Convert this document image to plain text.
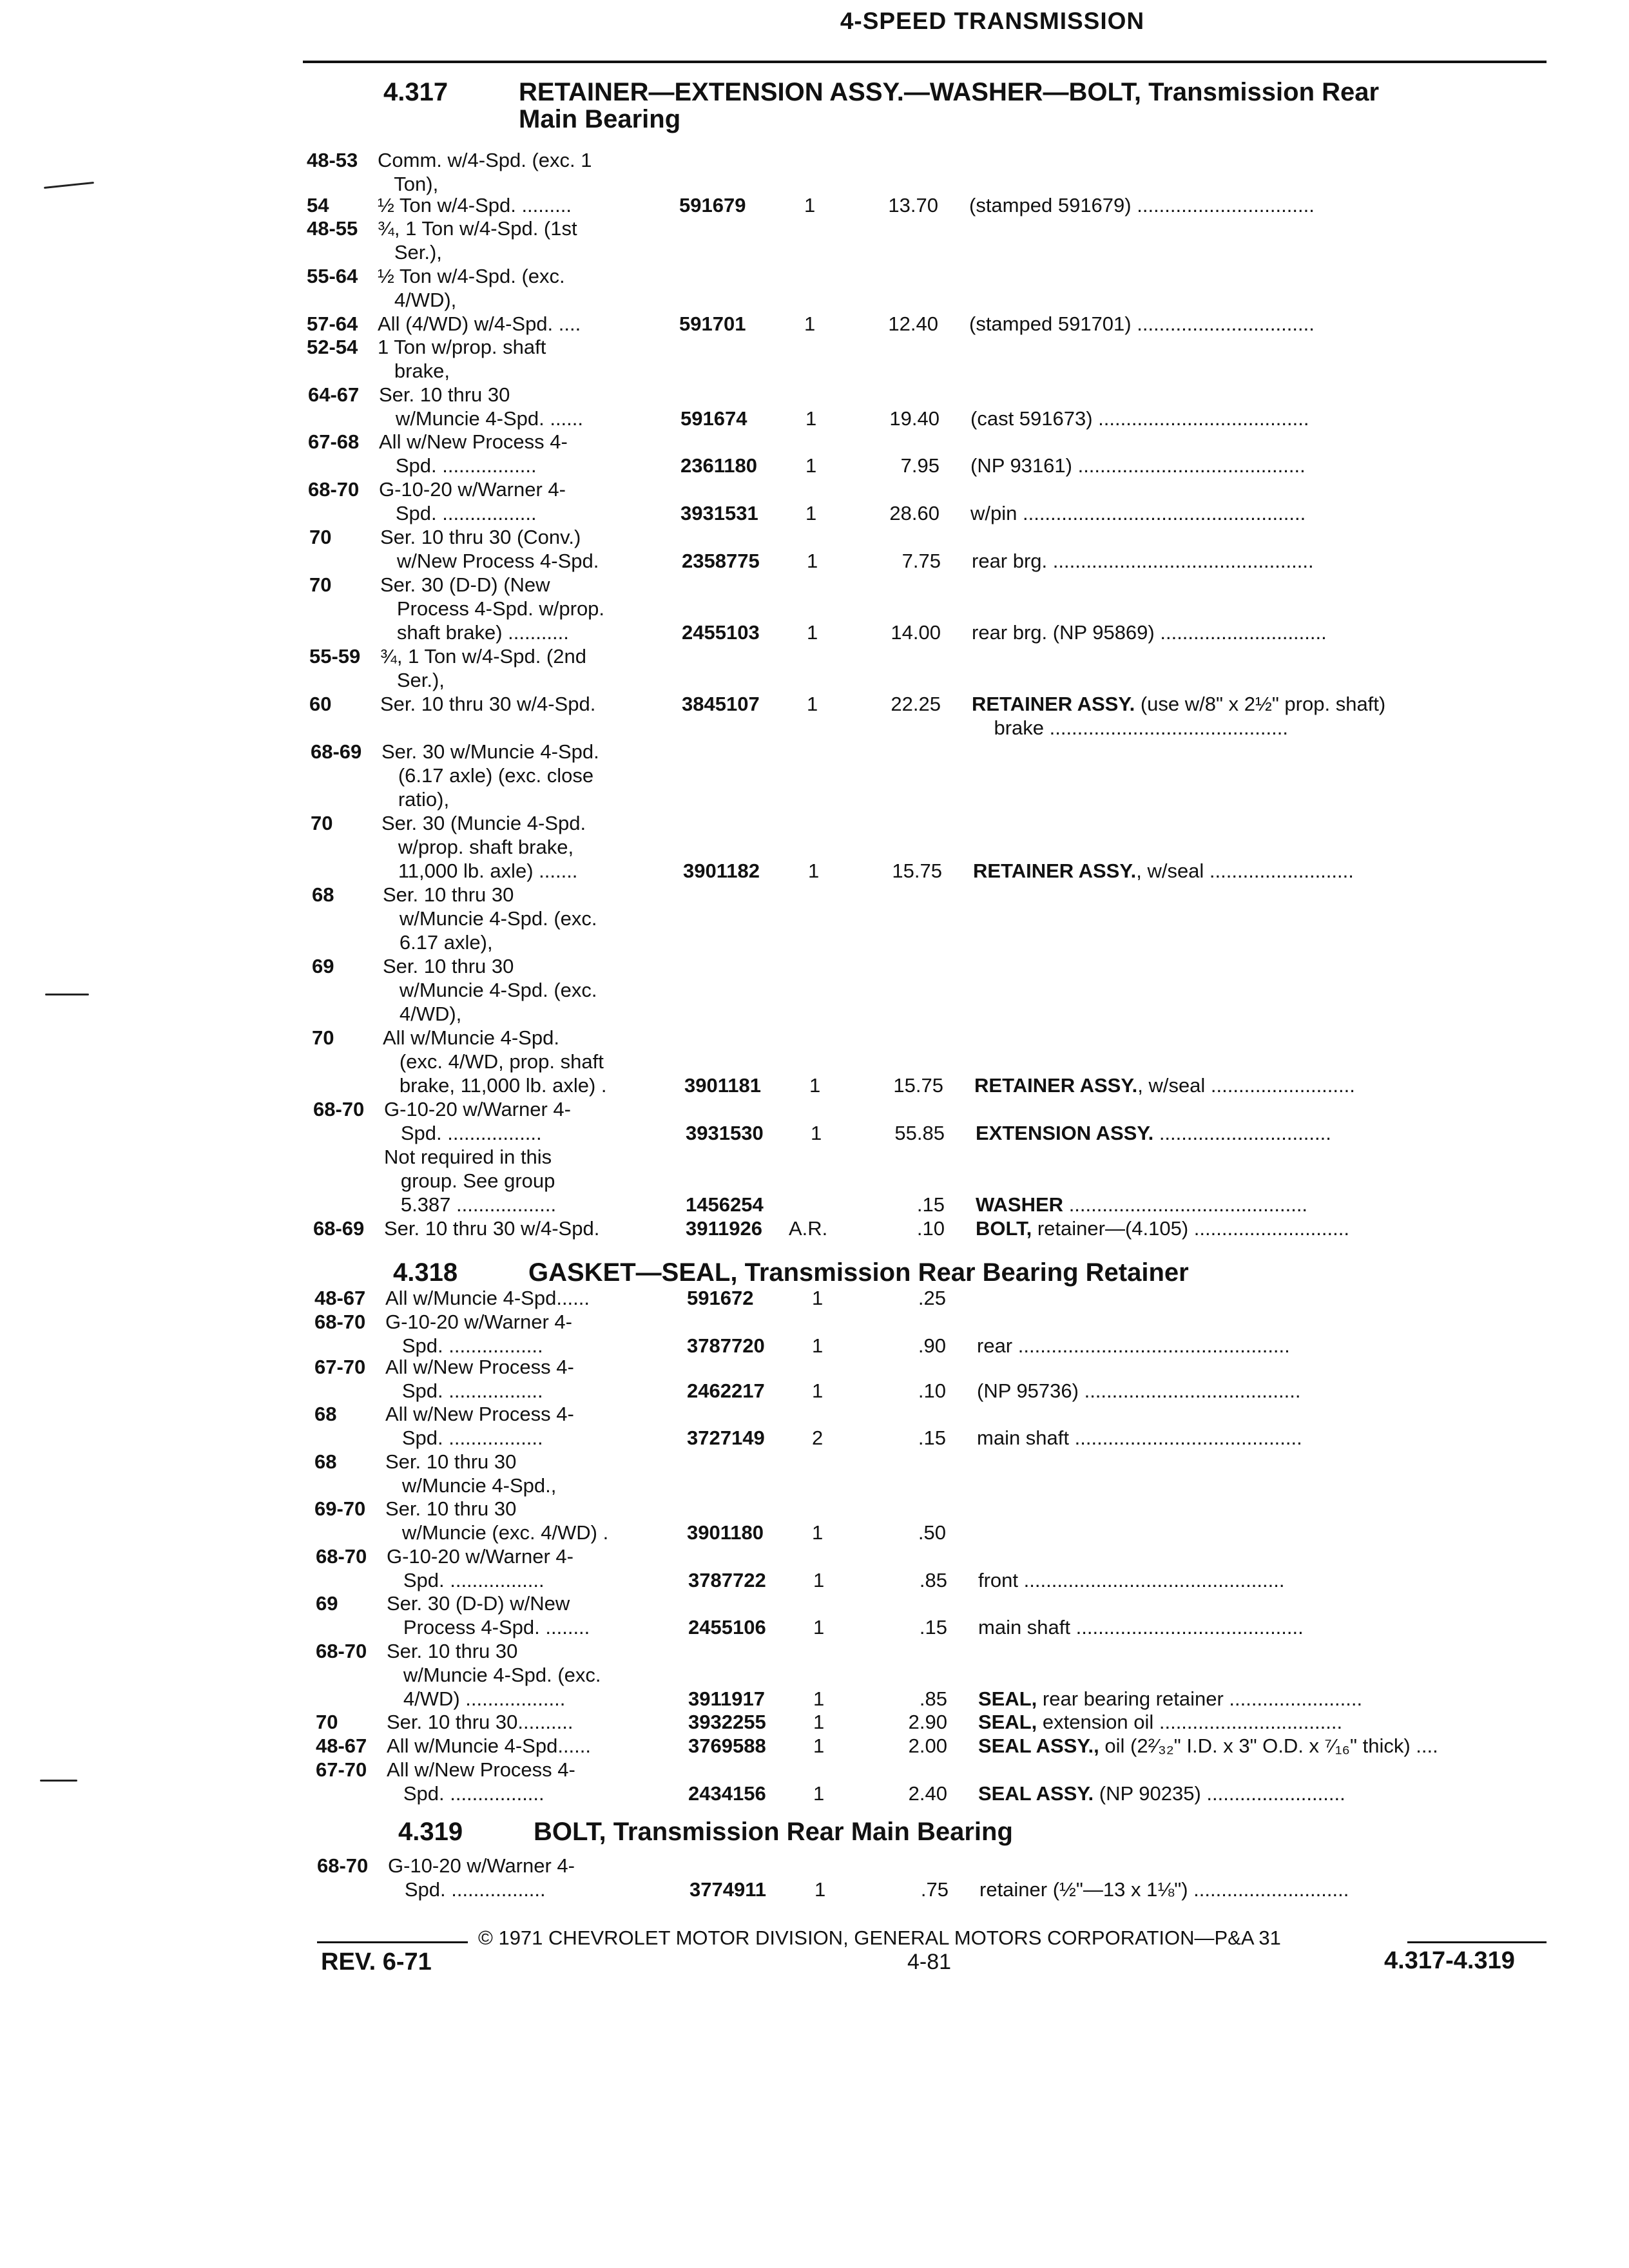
4-SPEED TRANSMISSION
4.317	RETAINER—EXTENSION ASSY.—WASHER—BOLT, Transmission Rear
Main Bearing
4.318	GASKET—SEAL, Transmission Rear Bearing Retainer
4.319	BOLT, Transmission Rear Main Bearing
48-53 Comm. w/4-Spd. (exc. 1
Ton),
54 ½ Ton w/4-Spd. .........	591679	1	13.70 (stamped 591679) ................................
48-55 ¾, 1 Ton w/4-Spd. (1st
Ser.),
55-64 ½ Ton w/4-Spd. (exc.
4/WD),
57-64 All (4/WD) w/4-Spd. ....	591701	1	12.40 (stamped 591701) ................................
52-54 1 Ton w/prop. shaft
brake,
64-67 Ser. 10 thru 30
w/Muncie 4-Spd. ......	591674	1	19.40 (cast 591673) ......................................
67-68 All w/New Process 4-
Spd. .................	2361180 1	7.95 (NP 93161) .........................................
68-70 G-10-20 w/Warner 4-
Spd. .................	3931531 1	28.60 w/pin ...................................................
70 Ser. 10 thru 30 (Conv.)
w/New Process 4-Spd.	2358775 1	7.75 rear brg. ...............................................
70 Ser. 30 (D-D) (New
Process 4-Spd. w/prop.
shaft brake) ...........	2455103 1	14.00 rear brg. (NP 95869) ..............................
55-59 ¾, 1 Ton w/4-Spd. (2nd
Ser.),
60 Ser. 10 thru 30 w/4-Spd.	3845107 1	22.25 RETAINER ASSY. (use w/8" x 2½" prop. shaft)
brake ...........................................
68-69 Ser. 30 w/Muncie 4-Spd.
(6.17 axle) (exc. close
ratio),
70 Ser. 30 (Muncie 4-Spd.
w/prop. shaft brake,
11,000 lb. axle) .......	3901182 1	15.75 RETAINER ASSY., w/seal ..........................
68 Ser. 10 thru 30
w/Muncie 4-Spd. (exc.
6.17 axle),
69 Ser. 10 thru 30
w/Muncie 4-Spd. (exc.
4/WD),
70 All w/Muncie 4-Spd.
(exc. 4/WD, prop. shaft
brake, 11,000 lb. axle) .	3901181 1	15.75 RETAINER ASSY., w/seal ..........................
68-70 G-10-20 w/Warner 4-
Spd. .................	3931530 1	55.85 EXTENSION ASSY. ...............................
Not required in this
group. See group
5.387 ..................	1456254	.15 WASHER ...........................................
68-69 Ser. 10 thru 30 w/4-Spd.	3911926 A.R.	.10 BOLT, retainer—(4.105) ............................
48-67 All w/Muncie 4-Spd......	591672	1	.25
68-70 G-10-20 w/Warner 4-
Spd. .................	3787720 1	.90 rear .................................................
67-70 All w/New Process 4-
Spd. .................	2462217 1	.10 (NP 95736) .......................................
68 All w/New Process 4-
Spd. .................	3727149 2	.15 main shaft .........................................
68 Ser. 10 thru 30
w/Muncie 4-Spd.,
69-70 Ser. 10 thru 30
w/Muncie (exc. 4/WD) .	3901180 1	.50
68-70 G-10-20 w/Warner 4-
Spd. .................	3787722 1	.85 front ...............................................
69 Ser. 30 (D-D) w/New
Process 4-Spd. ........	2455106 1	.15 main shaft .........................................
68-70 Ser. 10 thru 30
w/Muncie 4-Spd. (exc.
4/WD) ..................	3911917 1	.85 SEAL, rear bearing retainer ........................
70 Ser. 10 thru 30..........	3932255 1	2.90 SEAL, extension oil .................................
48-67 All w/Muncie 4-Spd......	3769588 1	2.00 SEAL ASSY., oil (2²⁄₃₂" I.D. x 3" O.D. x ⁷⁄₁₆" thick) ....
67-70 All w/New Process 4-
Spd. .................	2434156 1	2.40 SEAL ASSY. (NP 90235) .........................
68-70 G-10-20 w/Warner 4-
Spd. .................	3774911 1	.75 retainer (½"—13 x 1⅛") ............................
© 1971 CHEVROLET MOTOR DIVISION, GENERAL MOTORS CORPORATION—P&A 31
REV. 6-71	4-81	4.317-4.319
